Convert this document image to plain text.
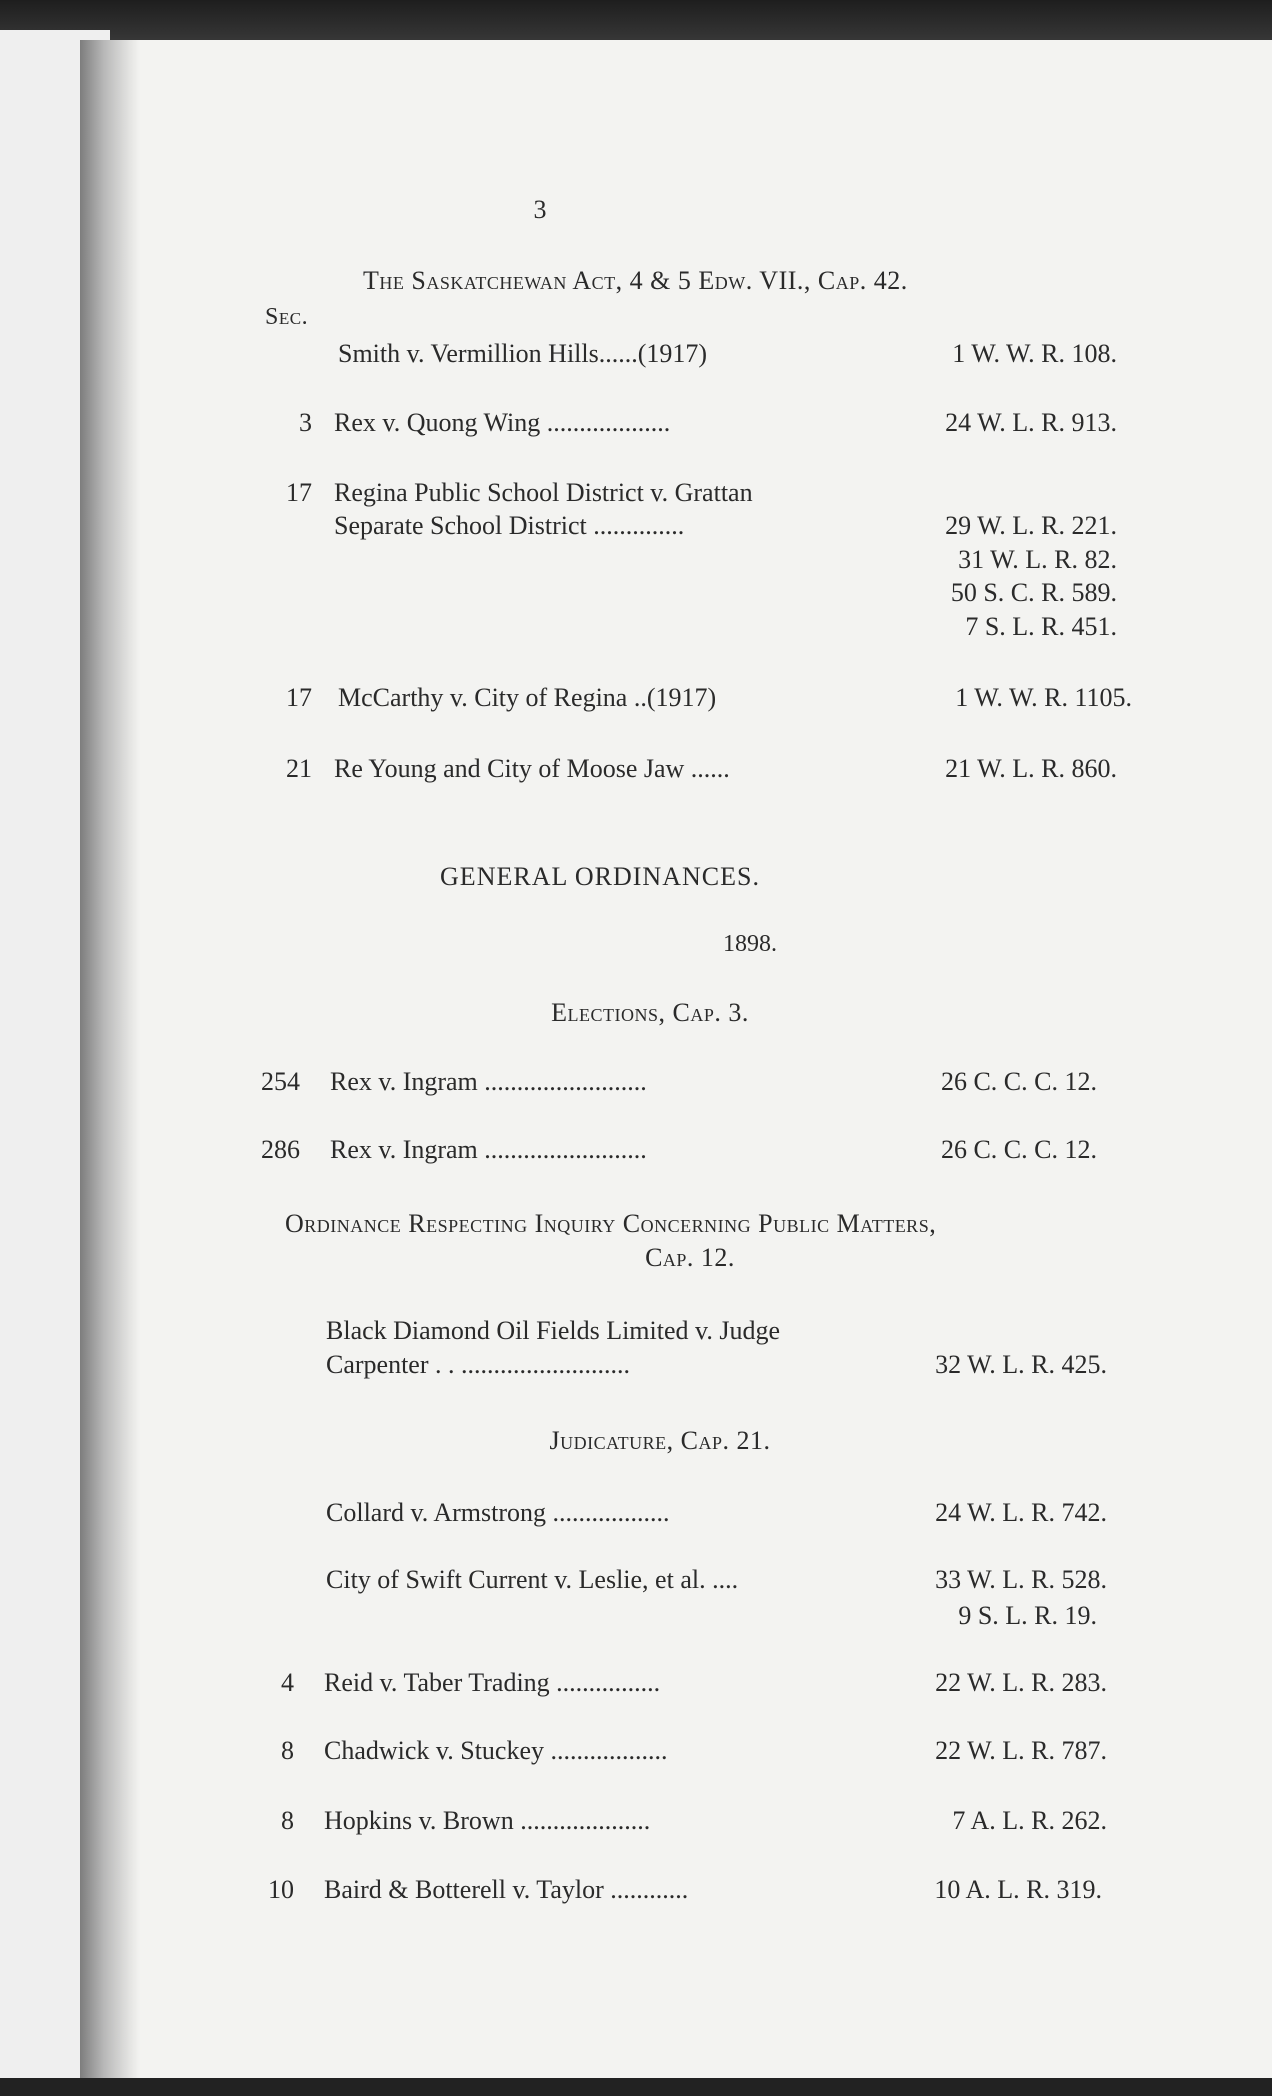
3
The Saskatchewan Act, 4 & 5 Edw. VII., Cap. 42.
Sec.
Smith v. Vermillion Hills......(1917)	1 W. W. R. 108.
3 Rex v. Quong Wing ...................	24 W. L. R. 913.
17 Regina Public School District v. Grattan
Separate School District ..............	29 W. L. R. 221.
31 W. L. R. 82.
50 S. C. R. 589.
7 S. L. R. 451.
17 McCarthy v. City of Regina ..(1917)	1 W. W. R. 1105.
21 Re Young and City of Moose Jaw ......	21 W. L. R. 860.
GENERAL ORDINANCES.
1898.
Elections, Cap. 3.
254 Rex v. Ingram .........................	26 C. C. C. 12.
286 Rex v. Ingram .........................	26 C. C. C. 12.
Ordinance Respecting Inquiry Concerning Public Matters,
Cap. 12.
Black Diamond Oil Fields Limited v. Judge
Carpenter . . ..........................	32 W. L. R. 425.
Judicature, Cap. 21.
Collard v. Armstrong ..................	24 W. L. R. 742.
City of Swift Current v. Leslie, et al. ....	33 W. L. R. 528.
9 S. L. R. 19.
4 Reid v. Taber Trading ................	22 W. L. R. 283.
8 Chadwick v. Stuckey ..................	22 W. L. R. 787.
8 Hopkins v. Brown ....................	7 A. L. R. 262.
10 Baird & Botterell v. Taylor ............	10 A. L. R. 319.
